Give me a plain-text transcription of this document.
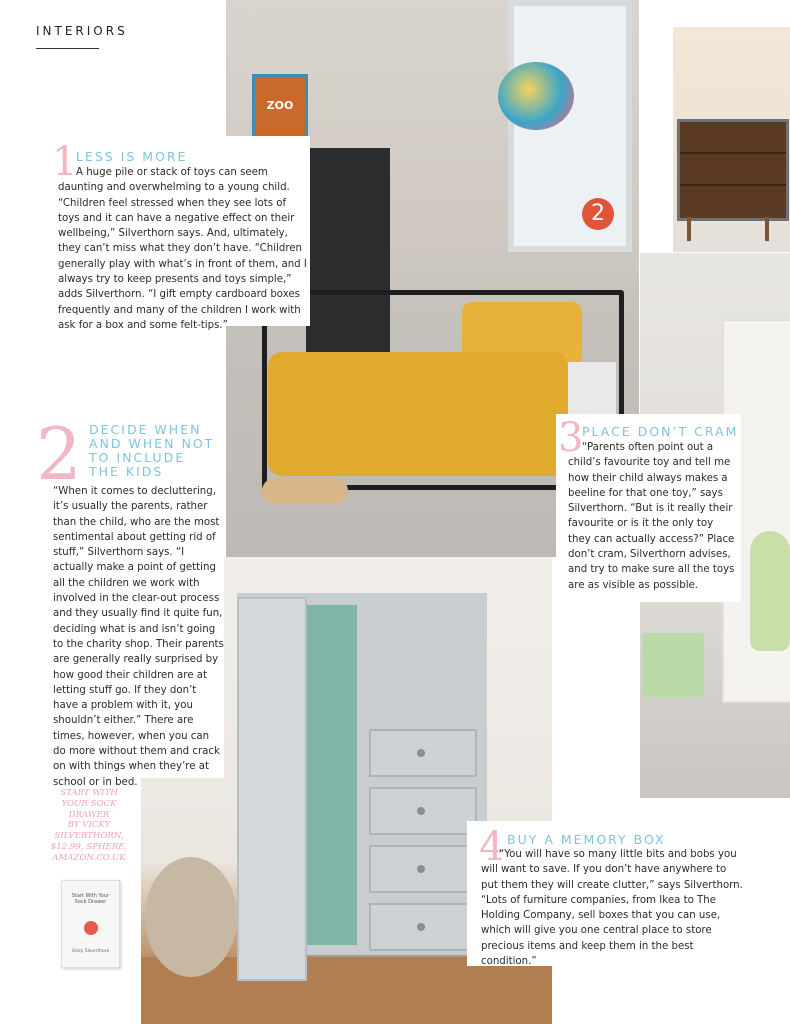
INTERIORS
ZOO
2
1
LESS IS MORE
A huge pile or stack of toys can seem daunting and overwhelming to a young child. “Children feel stressed when they see lots of toys and it can have a negative effect on their wellbeing,” Silverthorn says. And, ultimately, they can’t miss what they don’t have. “Children generally play with what’s in front of them, and I always try to keep presents and toys simple,” adds Silverthorn. “I gift empty cardboard boxes frequently and many of the children I work with ask for a box and some felt-tips.”
2 DECIDE WHEN AND WHEN NOT TO INCLUDE THE KIDS
“When it comes to decluttering, it’s usually the parents, rather than the child, who are the most sentimental about getting rid of stuff,” Silverthorn says. “I actually make a point of getting all the children we work with involved in the clear-out process and they usually find it quite fun, deciding what is and isn’t going to the charity shop. Their parents are generally really surprised by how good their children are at letting stuff go. If they don’t have a problem with it, you shouldn’t either.” There are times, however, when you can do more without them and crack on with things when they’re at school or in bed.
3
PLACE DON’T CRAM
“Parents often point out a child’s favourite toy and tell me how their child always makes a beeline for that one toy,” says Silverthorn. “But is it really their favourite or is it the only toy they can actually access?” Place don’t cram, Silverthorn advises, and try to make sure all the toys are as visible as possible.
4 BUY A MEMORY BOX
“You will have so many little bits and bobs you will want to save. If you don’t have anywhere to put them they will create clutter,” says Silverthorn. “Lots of furniture companies, from Ikea to The Holding Company, sell boxes that you can use, which will give you one central place to store precious items and keep them in the best condition.”
START WITH
YOUR SOCK
DRAWER
BY VICKY
SILVERTHORN,
$12.99, SPHERE,
AMAZON.CO.UK
Start With Your Sock Drawer
Vicky Silverthorn
